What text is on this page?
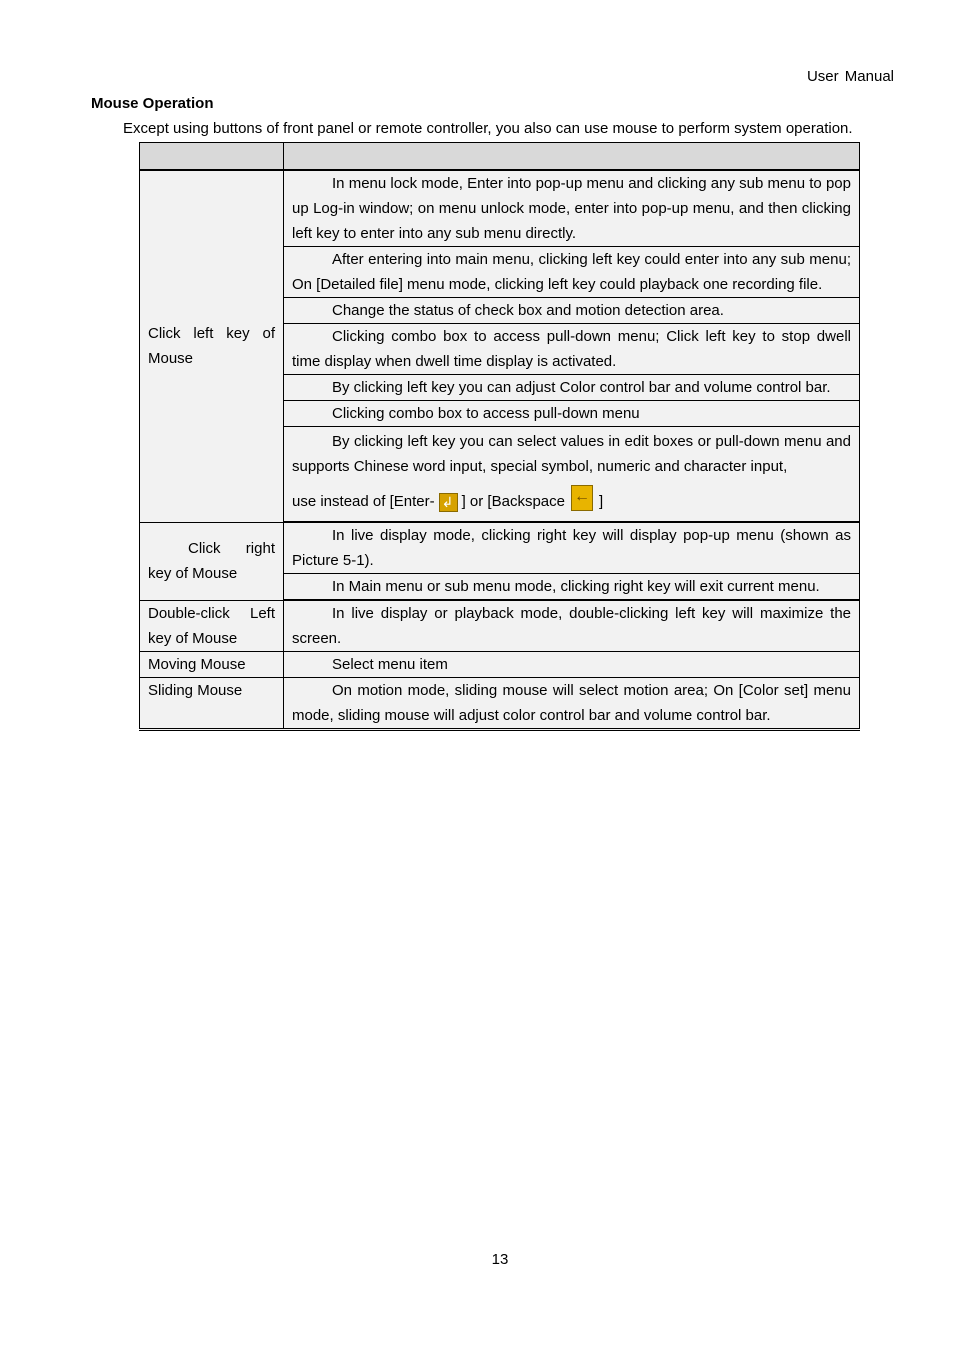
User Manual
Mouse Operation
Except using buttons of front panel or remote controller, you also can use mouse to perform system operation.

Click left key of Mouse	In menu lock mode, Enter into pop-up menu and clicking any sub menu to pop up Log-in window; on menu unlock mode, enter into pop-up menu, and then clicking left key to enter into any sub menu directly.
	After entering into main menu, clicking left key could enter into any sub menu; On [Detailed file] menu mode, clicking left key could playback one recording file.
	Change the status of check box and motion detection area.
	Clicking combo box to access pull-down menu; Click left key to stop dwell time display when dwell time display is activated.
	By clicking left key you can adjust Color control bar and volume control bar.
	Clicking combo box to access pull-down menu
	By clicking left key you can select values in edit boxes or pull-down menu and supports Chinese word input, special symbol, numeric and character input,
use instead of [Enter- ↲ ] or [Backspace ← ]

Click right key of Mouse	In live display mode, clicking right key will display pop-up menu (shown as Picture 5-1).
	In Main menu or sub menu mode, clicking right key will exit current menu.
Double-click Left key of Mouse	In live display or playback mode, double-clicking left key will maximize the screen.
Moving Mouse	Select menu item
Sliding Mouse	On motion mode, sliding mouse will select motion area; On [Color set] menu mode, sliding mouse will adjust color control bar and volume control bar.
13
